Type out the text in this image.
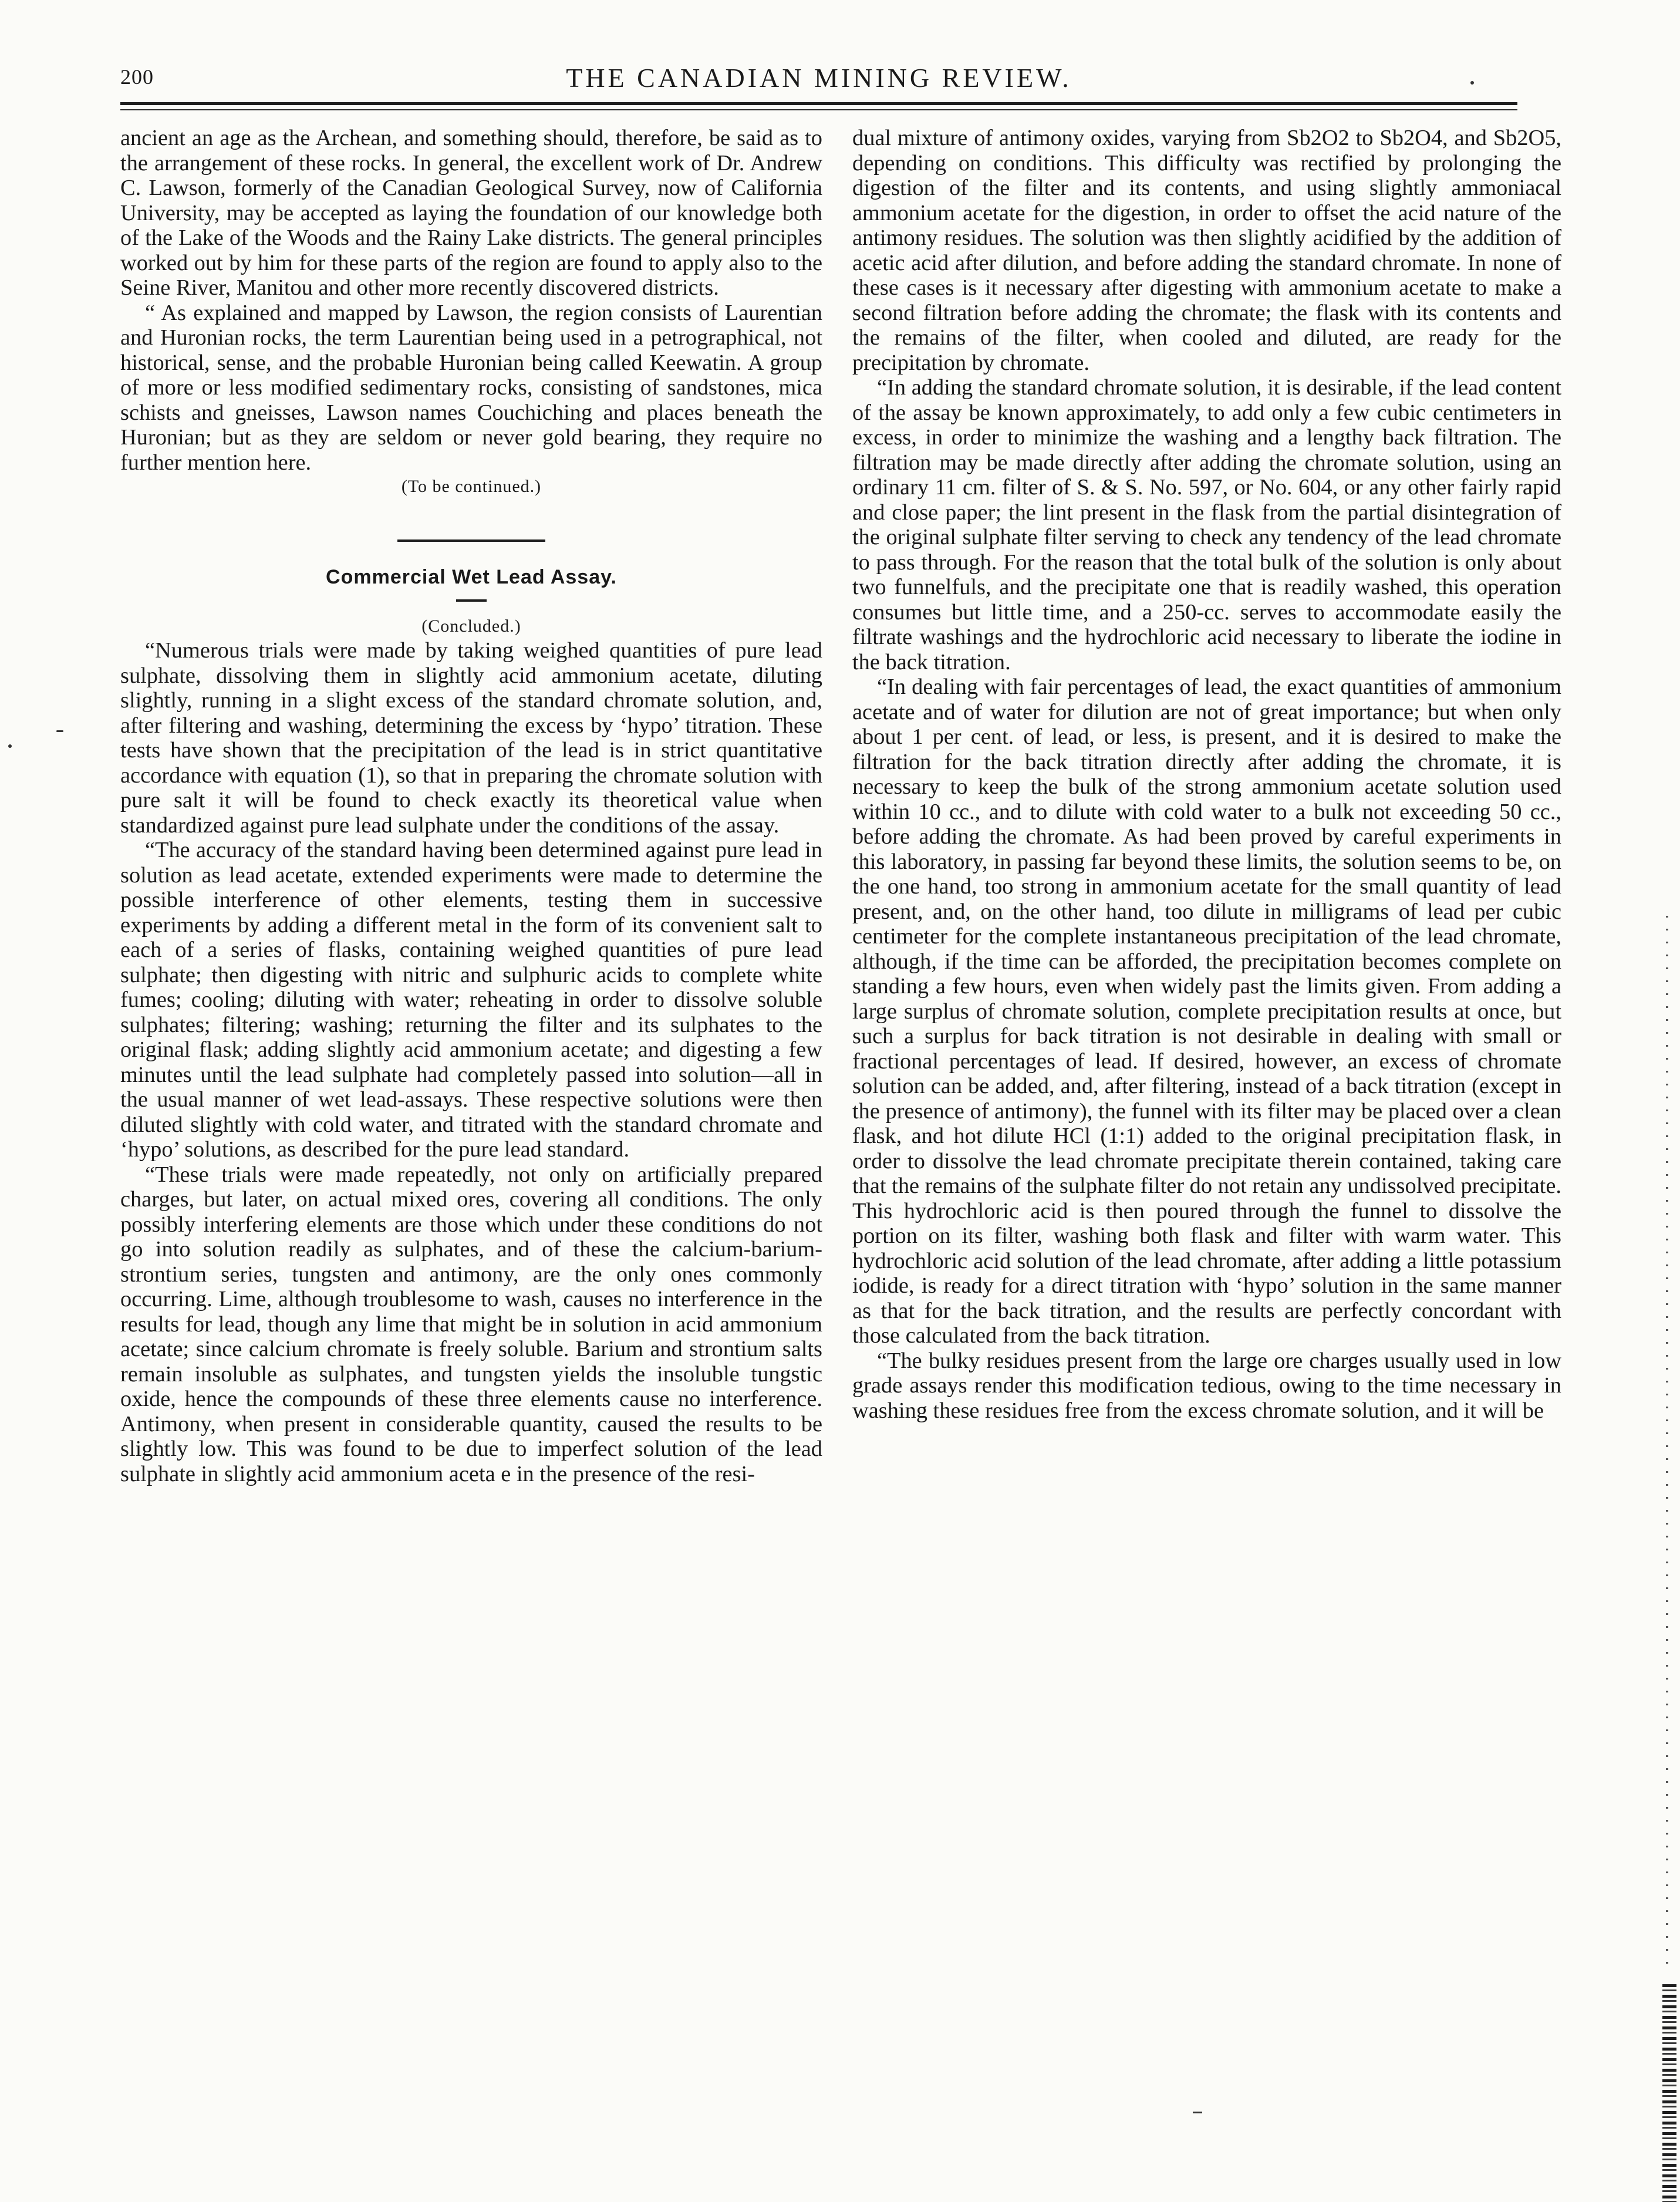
200	THE CANADIAN MINING REVIEW.

ancient an age as the Archean, and something should, therefore, be said as to the arrangement of these rocks. In general, the excellent work of Dr. Andrew C. Lawson, formerly of the Canadian Geological Survey, now of California University, may be accepted as laying the foundation of our knowledge both of the Lake of the Woods and the Rainy Lake districts. The general principles worked out by him for these parts of the region are found to apply also to the Seine River, Manitou and other more recently discovered districts.

“ As explained and mapped by Lawson, the region consists of Laurentian and Huronian rocks, the term Laurentian being used in a petrographical, not historical, sense, and the probable Huronian being called Keewatin. A group of more or less modified sedimentary rocks, consisting of sandstones, mica schists and gneisses, Lawson names Couchiching and places beneath the Huronian; but as they are seldom or never gold bearing, they require no further mention here.

(To be continued.)

Commercial Wet Lead Assay.

(Concluded.)

“Numerous trials were made by taking weighed quantities of pure lead sulphate, dissolving them in slightly acid ammonium acetate, diluting slightly, running in a slight excess of the standard chromate solution, and, after filtering and washing, determining the excess by ‘hypo’ titration. These tests have shown that the precipitation of the lead is in strict quantitative accordance with equation (1), so that in preparing the chromate solution with pure salt it will be found to check exactly its theoretical value when standardized against pure lead sulphate under the conditions of the assay.

“The accuracy of the standard having been determined against pure lead in solution as lead acetate, extended experiments were made to determine the possible interference of other elements, testing them in successive experiments by adding a different metal in the form of its convenient salt to each of a series of flasks, containing weighed quantities of pure lead sulphate; then digesting with nitric and sulphuric acids to complete white fumes; cooling; diluting with water; reheating in order to dissolve soluble sulphates; filtering; washing; returning the filter and its sulphates to the original flask; adding slightly acid ammonium acetate; and digesting a few minutes until the lead sulphate had completely passed into solution—all in the usual manner of wet lead-assays. These respective solutions were then diluted slightly with cold water, and titrated with the standard chromate and ‘hypo’ solutions, as described for the pure lead standard.

“These trials were made repeatedly, not only on artificially prepared charges, but later, on actual mixed ores, covering all conditions. The only possibly interfering elements are those which under these conditions do not go into solution readily as sulphates, and of these the calcium-barium-strontium series, tungsten and antimony, are the only ones commonly occurring. Lime, although troublesome to wash, causes no interference in the results for lead, though any lime that might be in solution in acid ammonium acetate; since calcium chromate is freely soluble. Barium and strontium salts remain insoluble as sulphates, and tungsten yields the insoluble tungstic oxide, hence the compounds of these three elements cause no interference. Antimony, when present in considerable quantity, caused the results to be slightly low. This was found to be due to imperfect solution of the lead sulphate in slightly acid ammonium aceta e in the presence of the resi-

dual mixture of antimony oxides, varying from Sb2O2 to Sb2O4, and Sb2O5, depending on conditions. This difficulty was rectified by prolonging the digestion of the filter and its contents, and using slightly ammoniacal ammonium acetate for the digestion, in order to offset the acid nature of the antimony residues. The solution was then slightly acidified by the addition of acetic acid after dilution, and before adding the standard chromate. In none of these cases is it necessary after digesting with ammonium acetate to make a second filtration before adding the chromate; the flask with its contents and the remains of the filter, when cooled and diluted, are ready for the precipitation by chromate.

“In adding the standard chromate solution, it is desirable, if the lead content of the assay be known approximately, to add only a few cubic centimeters in excess, in order to minimize the washing and a lengthy back filtration. The filtration may be made directly after adding the chromate solution, using an ordinary 11 cm. filter of S. & S. No. 597, or No. 604, or any other fairly rapid and close paper; the lint present in the flask from the partial disintegration of the original sulphate filter serving to check any tendency of the lead chromate to pass through. For the reason that the total bulk of the solution is only about two funnelfuls, and the precipitate one that is readily washed, this operation consumes but little time, and a 250-cc. serves to accommodate easily the filtrate washings and the hydrochloric acid necessary to liberate the iodine in the back titration.

“In dealing with fair percentages of lead, the exact quantities of ammonium acetate and of water for dilution are not of great importance; but when only about 1 per cent. of lead, or less, is present, and it is desired to make the filtration for the back titration directly after adding the chromate, it is necessary to keep the bulk of the strong ammonium acetate solution used within 10 cc., and to dilute with cold water to a bulk not exceeding 50 cc., before adding the chromate. As had been proved by careful experiments in this laboratory, in passing far beyond these limits, the solution seems to be, on the one hand, too strong in ammonium acetate for the small quantity of lead present, and, on the other hand, too dilute in milligrams of lead per cubic centimeter for the complete instantaneous precipitation of the lead chromate, although, if the time can be afforded, the precipitation becomes complete on standing a few hours, even when widely past the limits given. From adding a large surplus of chromate solution, complete precipitation results at once, but such a surplus for back titration is not desirable in dealing with small or fractional percentages of lead. If desired, however, an excess of chromate solution can be added, and, after filtering, instead of a back titration (except in the presence of antimony), the funnel with its filter may be placed over a clean flask, and hot dilute HCl (1:1) added to the original precipitation flask, in order to dissolve the lead chromate precipitate therein contained, taking care that the remains of the sulphate filter do not retain any undissolved precipitate. This hydrochloric acid is then poured through the funnel to dissolve the portion on its filter, washing both flask and filter with warm water. This hydrochloric acid solution of the lead chromate, after adding a little potassium iodide, is ready for a direct titration with ‘hypo’ solution in the same manner as that for the back titration, and the results are perfectly concordant with those calculated from the back titration.

“The bulky residues present from the large ore charges usually used in low grade assays render this modification tedious, owing to the time necessary in washing these residues free from the excess chromate solution, and it will be
